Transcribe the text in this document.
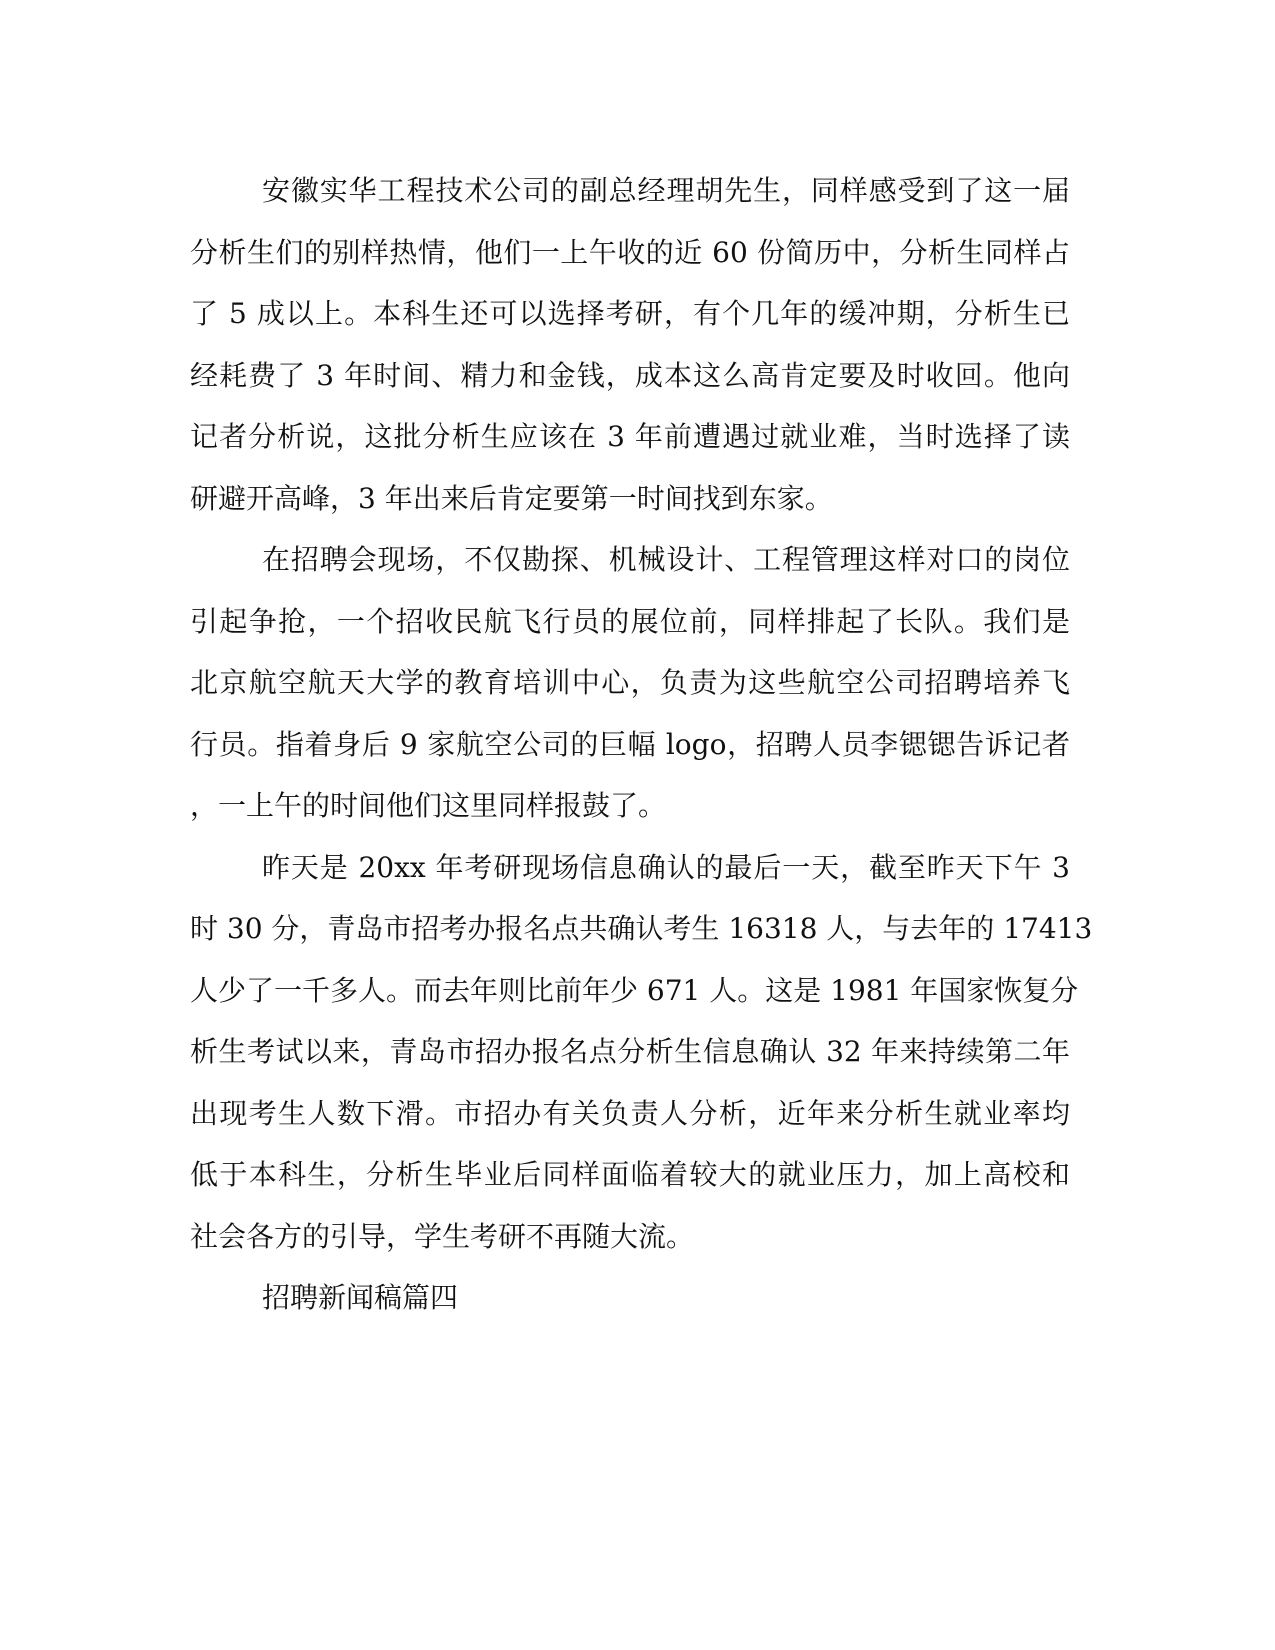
安徽实华工程技术公司的副总经理胡先生，同样感受到了这一届
分析生们的别样热情，他们一上午收的近 60 份简历中，分析生同样占
了 5 成以上。本科生还可以选择考研，有个几年的缓冲期，分析生已
经耗费了 3 年时间、精力和金钱，成本这么高肯定要及时收回。他向
记者分析说，这批分析生应该在 3 年前遭遇过就业难，当时选择了读
研避开高峰，3 年出来后肯定要第一时间找到东家。
在招聘会现场，不仅勘探、机械设计、工程管理这样对口的岗位
引起争抢，一个招收民航飞行员的展位前，同样排起了长队。我们是
北京航空航天大学的教育培训中心，负责为这些航空公司招聘培养飞
行员。指着身后 9 家航空公司的巨幅 logo，招聘人员李锶锶告诉记者
，一上午的时间他们这里同样报鼓了。
昨天是 20xx 年考研现场信息确认的最后一天，截至昨天下午 3
时 30 分，青岛市招考办报名点共确认考生 16318 人，与去年的 17413
人少了一千多人。而去年则比前年少 671 人。这是 1981 年国家恢复分
析生考试以来，青岛市招办报名点分析生信息确认 32 年来持续第二年
出现考生人数下滑。市招办有关负责人分析，近年来分析生就业率均
低于本科生，分析生毕业后同样面临着较大的就业压力，加上高校和
社会各方的引导，学生考研不再随大流。
招聘新闻稿篇四
